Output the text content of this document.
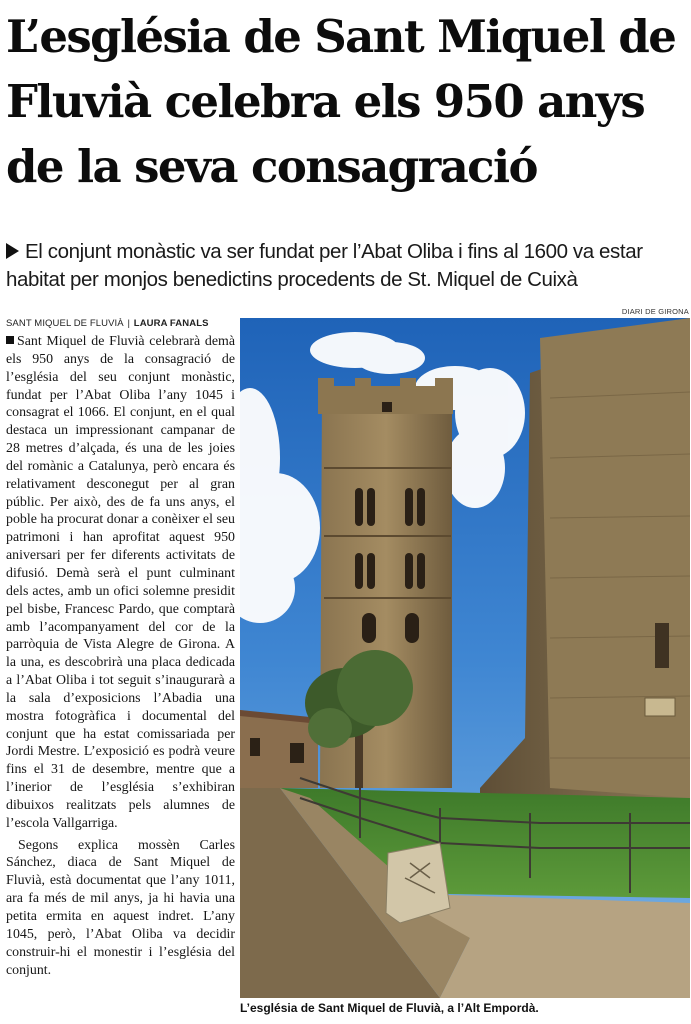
L’església de Sant Miquel de Fluvià celebra els 950 anys de la seva consagració

El conjunt monàstic va ser fundat per l’Abat Oliba i fins al 1600 va estar habitat per monjos benedictins procedents de St. Miquel de Cuixà

SANT MIQUEL DE FLUVIÀ | LAURA FANALS

Sant Miquel de Fluvià celebrarà demà els 950 anys de la consagració de l’església del seu conjunt monàstic, fundat per l’Abat Oliba l’any 1045 i consagrat el 1066. El conjunt, en el qual destaca un impressionant campanar de 28 metres d’alçada, és una de les joies del romànic a Catalunya, però encara és relativament desconegut per al gran públic. Per això, des de fa uns anys, el poble ha procurat donar a conèixer el seu patrimoni i han aprofitat aquest 950 aniversari per fer diferents activitats de difusió. Demà serà el punt culminant dels actes, amb un ofici solemne presidit pel bisbe, Francesc Pardo, que comptarà amb l’acompanyament del cor de la parròquia de Vista Alegre de Girona. A la una, es descobrirà una placa dedicada a l’Abat Oliba i tot seguit s’inaugurarà a la sala d’exposicions l’Abadia una mostra fotogràfica i documental del conjunt que ha estat comissariada per Jordi Mestre. L’exposició es podrà veure fins el 31 de desembre, mentre que a l’inerior de l’església s’exhibiran dibuixos realitzats pels alumnes de l’escola Vallgarriga.

Segons explica mossèn Carles Sánchez, diaca de Sant Miquel de Fluvià, està documentat que l’any 1011, ara fa més de mil anys, ja hi havia una petita ermita en aquest indret. L’any 1045, però, l’Abat Oliba va decidir construir-hi el monestir i l’església del conjunt.

DIARI DE GIRONA
L’església de Sant Miquel de Fluvià, a l’Alt Empordà.
